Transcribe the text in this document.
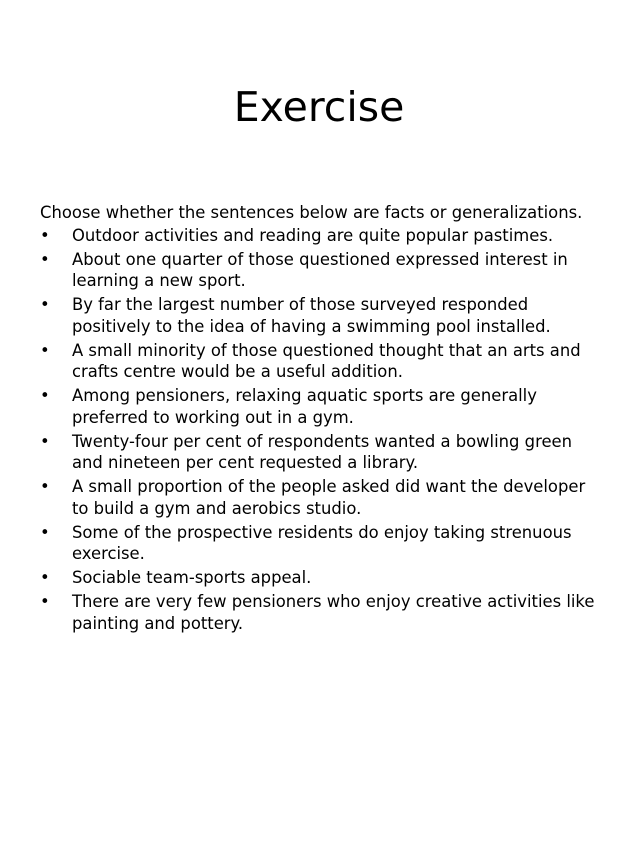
Exercise

Choose whether the sentences below are facts or generalizations.

•	Outdoor activities and reading are quite popular pastimes.
•	About one quarter of those questioned expressed interest in learning a new sport.
•	By far the largest number of those surveyed responded positively to the idea of having a swimming pool installed.
•	A small minority of those questioned thought that an arts and crafts centre would be a useful addition.
•	Among pensioners, relaxing aquatic sports are generally preferred to working out in a gym.
•	Twenty-four per cent of respondents wanted a bowling green and nineteen per cent requested a library.
•	A small proportion of the people asked did want the developer to build a gym and aerobics studio.
•	Some of the prospective residents do enjoy taking strenuous exercise.
•	Sociable team-sports appeal.
•	There are very few pensioners who enjoy creative activities like painting and pottery.
